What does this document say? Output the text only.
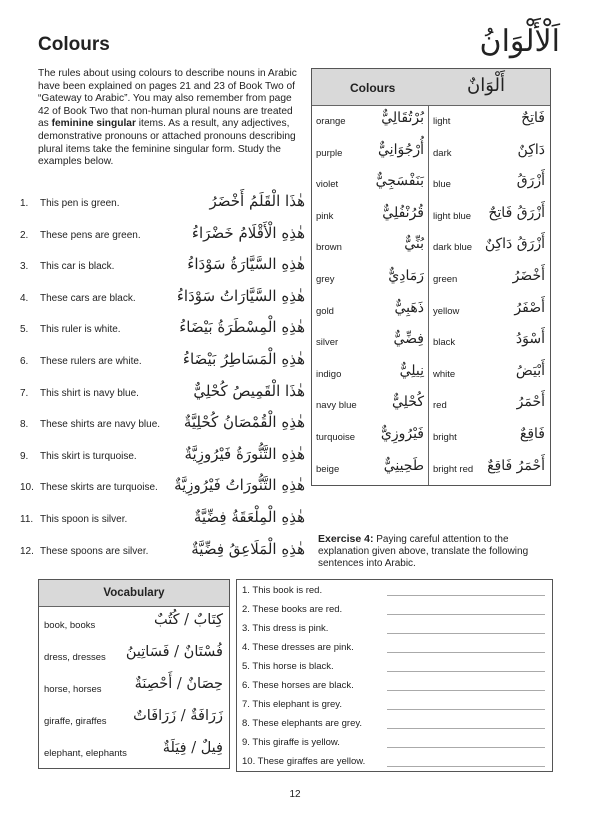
Colours	اَلْأَلْوَانُ
The rules about using colours to describe nouns in Arabic have been explained on pages 21 and 23 of Book Two of “Gateway to Arabic”. You may also remember from page 42 of Book Two that non-human plural nouns are treated as feminine singular items. As a result, any adjectives, demonstrative pronouns or attached pronouns describing plural items take the feminine singular form. Study the examples below.
1.	This pen is green.	هٰذَا الْقَلَمُ أَخْضَرُ
2.	These pens are green.	هٰذِهِ الْأَقْلَامُ خَضْرَاءُ
3.	This car is black.	هٰذِهِ السَّيَّارَةُ سَوْدَاءُ
4.	These cars are black.	هٰذِهِ السَّيَّارَاتُ سَوْدَاءُ
5.	This ruler is white.	هٰذِهِ الْمِسْطَرَةُ بَيْضَاءُ
6.	These rulers are white.	هٰذِهِ الْمَسَاطِرُ بَيْضَاءُ
7.	This shirt is navy blue.	هٰذَا الْقَمِيصُ كُحْلِيٌّ
8.	These shirts are navy blue. هٰذِهِ الْقُمْصَانُ كُحْلِيَّةٌ
9.	This skirt is turquoise.	هٰذِهِ التَّنُّورَةُ فَيْرُوزِيَّةٌ
10. These skirts are turquoise. هٰذِهِ التَّنُّورَاتُ فَيْرُوزِيَّةٌ
11. This spoon is silver.	هٰذِهِ الْمِلْعَقَةُ فِضِّيَّةٌ
12. These spoons are silver.	هٰذِهِ الْمَلَاعِقُ فِضِّيَّةٌ
Colours	أَلْوَانٌ
orange	بُرْتُقَالِيٌّ
purple	أُرْجُوَانِيٌّ
violet	بَنَفْسَجِيٌّ
pink	قُرُنْفُلِيٌّ
brown	بُنِّيٌّ
grey	رَمَادِيٌّ
gold	ذَهَبِيٌّ
silver	فِضِّيٌّ
indigo	نِيلِيٌّ
navy blue	كُحْلِيٌّ
turquoise فَيْرُوزِيٌّ
beige	طَحِينِيٌّ
light	فَاتِحٌ
dark	دَاكِنٌ
blue	أَزْرَقُ
light blue أَزْرَقُ فَاتِحٌ
dark blue أَزْرَقُ دَاكِنٌ
green	أَخْضَرُ
yellow	أَصْفَرُ
black	أَسْوَدُ
white	أَبْيَضُ
red	أَحْمَرُ
bright	فَاقِعٌ
bright red أَحْمَرُ فَاقِعٌ
Exercise 4: Paying careful attention to the explanation given above, translate the following sentences into Arabic.
Vocabulary
book, books	كِتَابٌ / كُتُبٌ
dress, dresses فُسْتَانٌ / فَسَاتِينُ
horse, horses حِصَانٌ / أَحْصِنَةٌ
giraffe, giraffes زَرَافَةٌ / زَرَافَاتٌ
elephant, elephants فِيلٌ / فِيَلَةٌ
1. This book is red.
2. These books are red.
3. This dress is pink.
4. These dresses are pink.
5. This horse is black.
6. These horses are black.
7. This elephant is grey.
8. These elephants are grey.
9. This giraffe is yellow.
10. These giraffes are yellow.
12
